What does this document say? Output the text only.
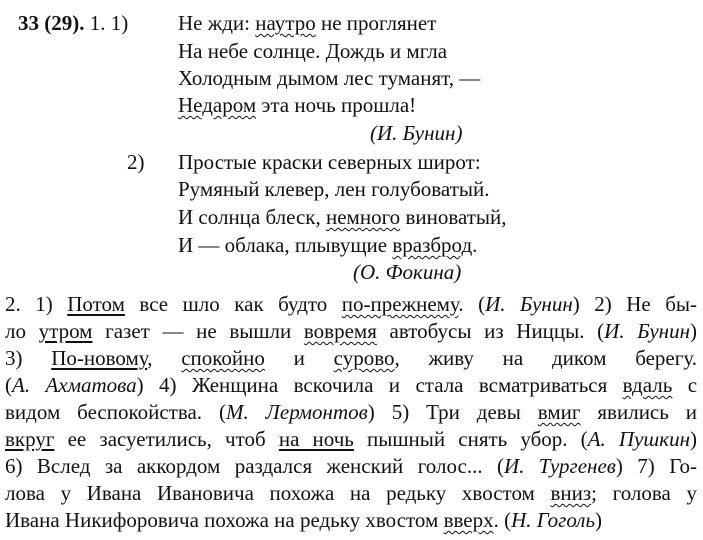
33 (29). 1. 1) Не жди: наутро не проглянет
На небе солнце. Дождь и мгла
Холодным дымом лес туманят, —
Недаром эта ночь прошла!
(И. Бунин)
2) Простые краски северных широт:
Румяный клевер, лен голубоватый.
И солнца блеск, немного виноватый,
И — облака, плывущие вразброд.
(О. Фокина)
2. 1) Потом все шло как будто по-прежнему. (И. Бунин) 2) Не бы-
ло утром газет — не вышли вовремя автобусы из Ниццы. (И. Бунин)
3) По-новому, спокойно и сурово, живу на диком берегу.
(А. Ахматова) 4) Женщина вскочила и стала всматриваться вдаль с
видом беспокойства. (М. Лермонтов) 5) Три девы вмиг явились и
вкруг ее засуетились, чтоб на ночь пышный снять убор. (А. Пушкин)
6) Вслед за аккордом раздался женский голос... (И. Тургенев) 7) Го-
лова у Ивана Ивановича похожа на редьку хвостом вниз; голова у
Ивана Никифоровича похожа на редьку хвостом вверх. (Н. Гоголь)
